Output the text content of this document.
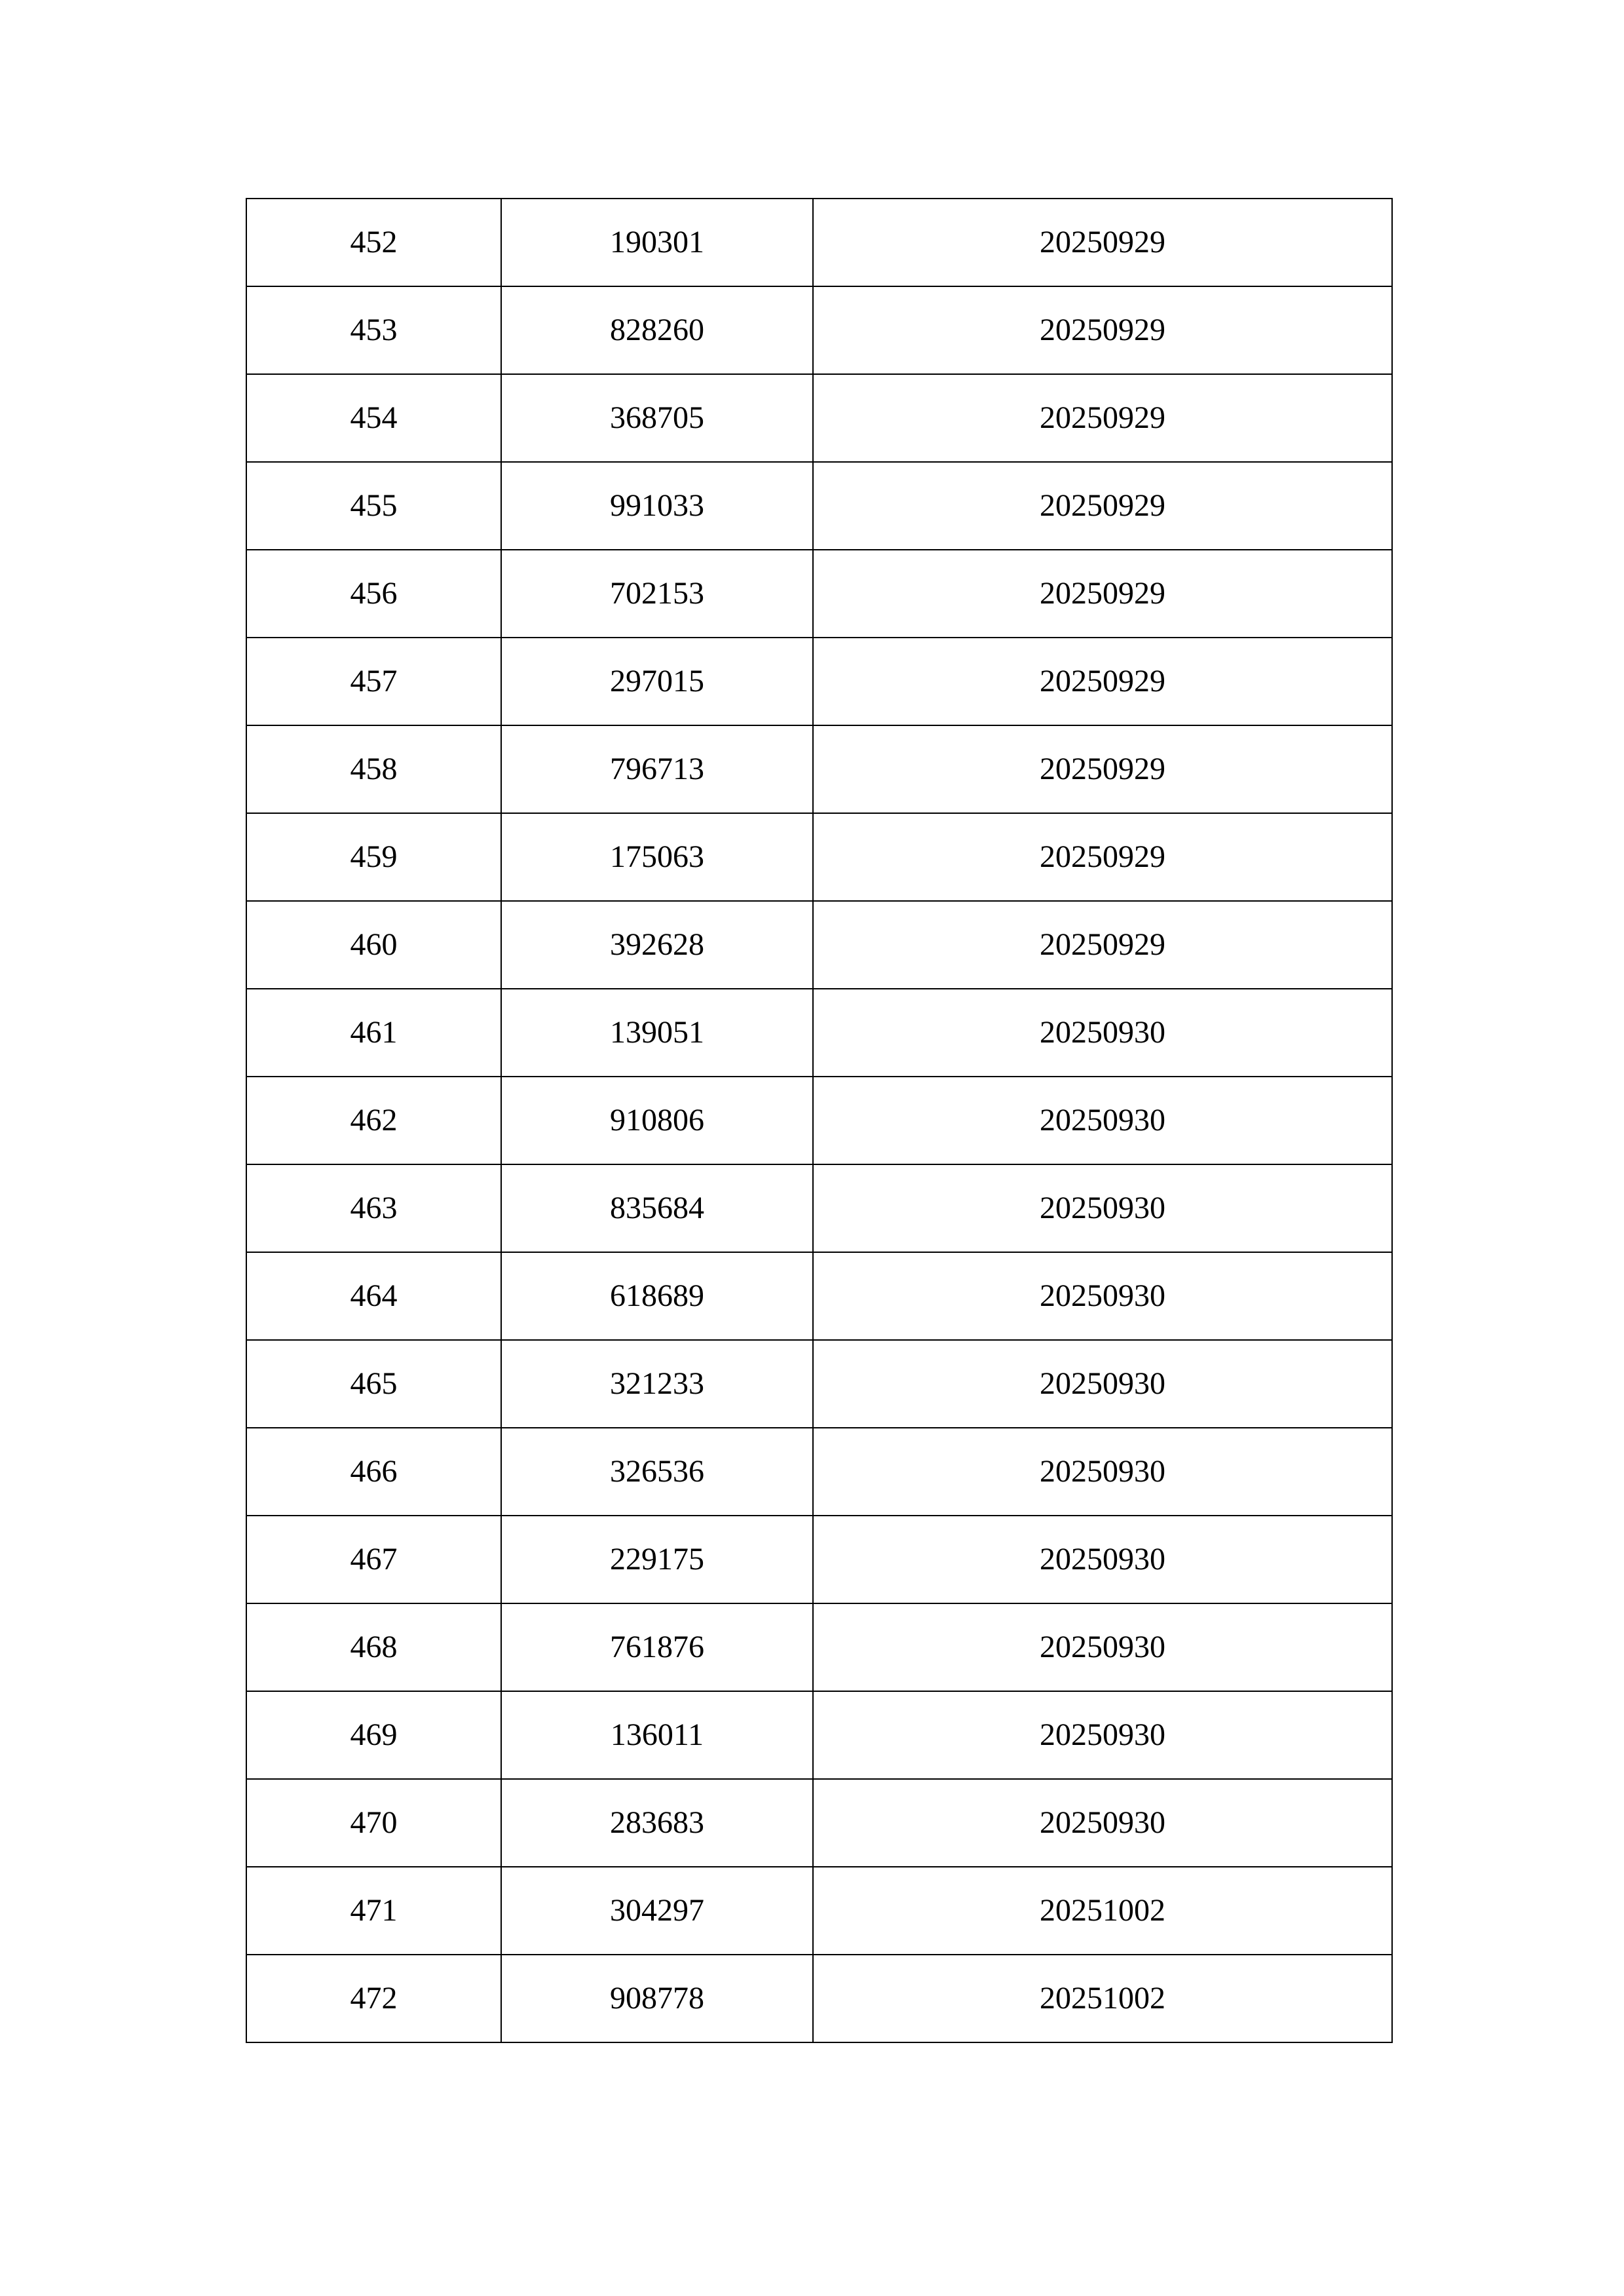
452	190301	20250929
453	828260	20250929
454	368705	20250929
455	991033	20250929
456	702153	20250929
457	297015	20250929
458	796713	20250929
459	175063	20250929
460	392628	20250929
461	139051	20250930
462	910806	20250930
463	835684	20250930
464	618689	20250930
465	321233	20250930
466	326536	20250930
467	229175	20250930
468	761876	20250930
469	136011	20250930
470	283683	20250930
471	304297	20251002
472	908778	20251002
